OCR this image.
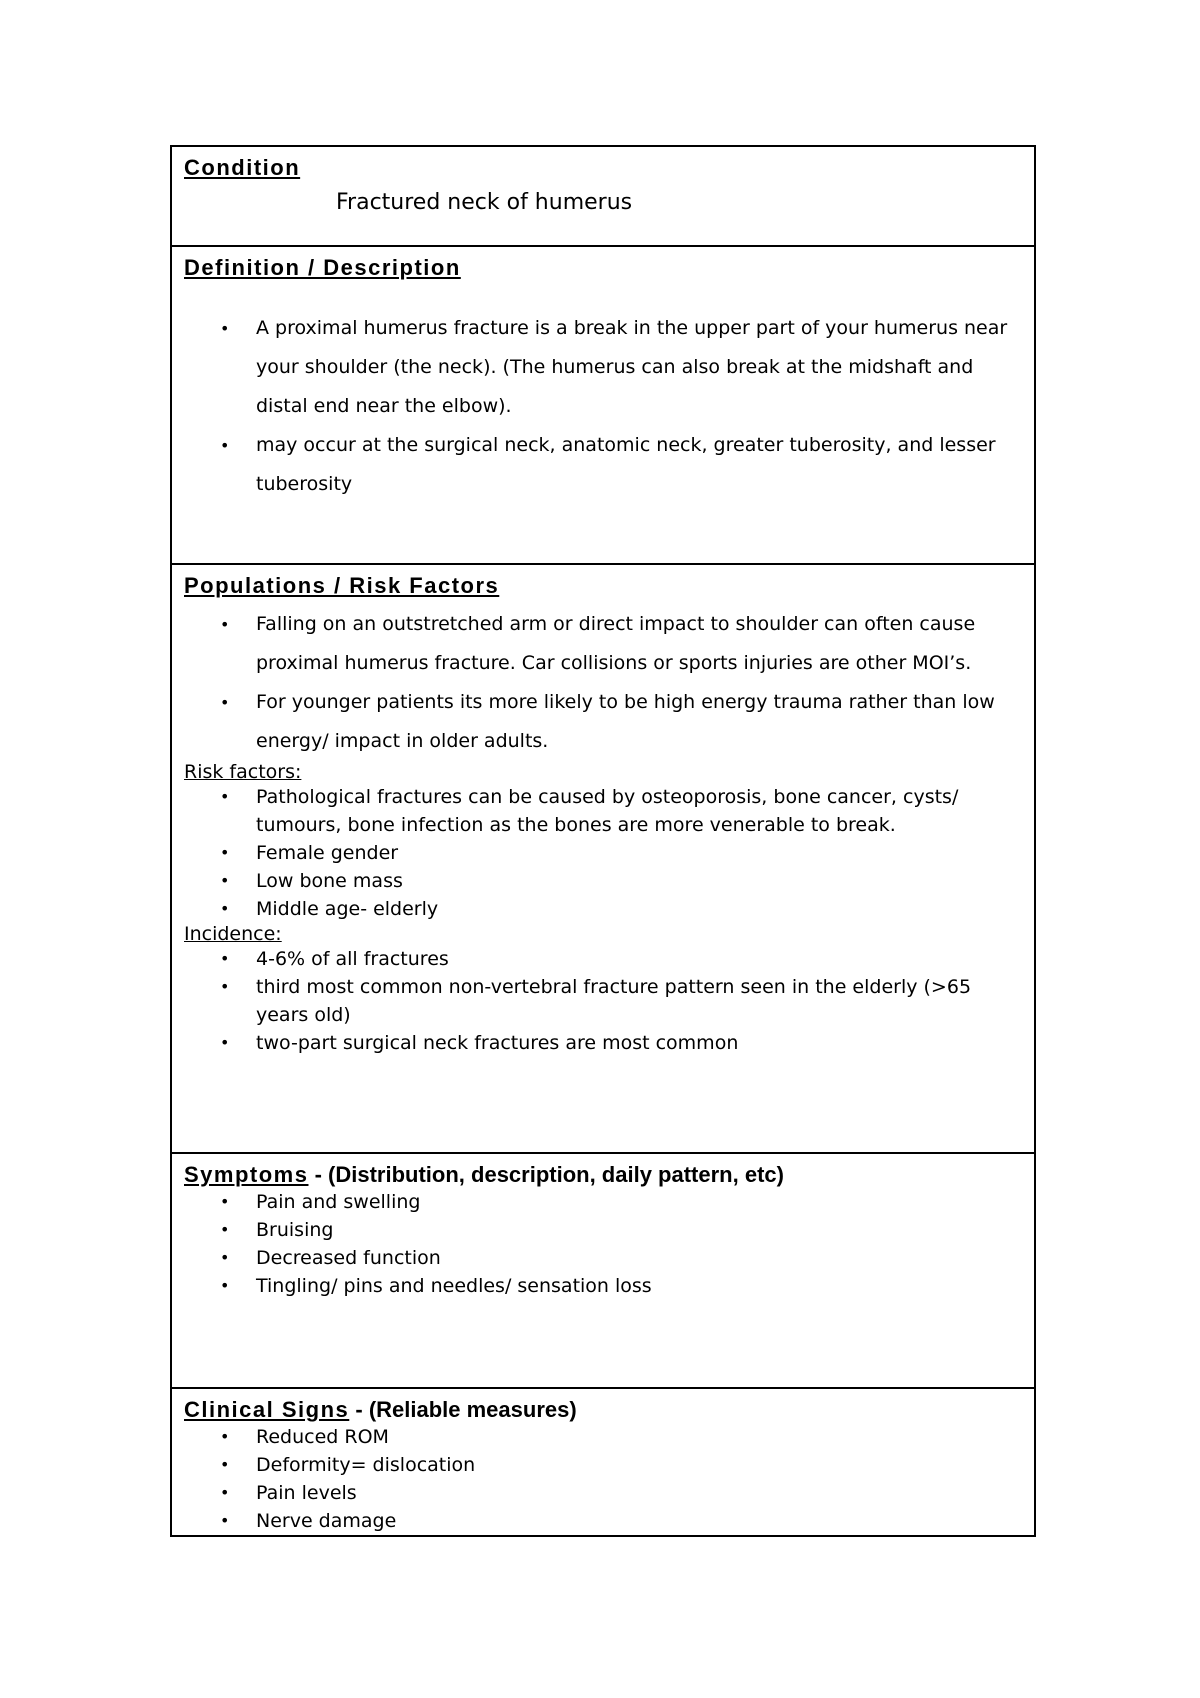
Condition
Fractured neck of humerus
Definition / Description
• A proximal humerus fracture is a break in the upper part of your humerus near your shoulder (the neck). (The humerus can also break at the midshaft and distal end near the elbow).
• may occur at the surgical neck, anatomic neck, greater tuberosity, and lesser tuberosity
Populations / Risk Factors
• Falling on an outstretched arm or direct impact to shoulder can often cause proximal humerus fracture. Car collisions or sports injuries are other MOI’s.
• For younger patients its more likely to be high energy trauma rather than low energy/ impact in older adults.
Risk factors:
• Pathological fractures can be caused by osteoporosis, bone cancer, cysts/ tumours, bone infection as the bones are more venerable to break.
• Female gender
• Low bone mass
• Middle age- elderly
Incidence:
• 4-6% of all fractures
• third most common non-vertebral fracture pattern seen in the elderly (>65 years old)
• two-part surgical neck fractures are most common
Symptoms - (Distribution, description, daily pattern, etc)
• Pain and swelling
• Bruising
• Decreased function
• Tingling/ pins and needles/ sensation loss
Clinical Signs - (Reliable measures)
• Reduced ROM
• Deformity= dislocation
• Pain levels
• Nerve damage
